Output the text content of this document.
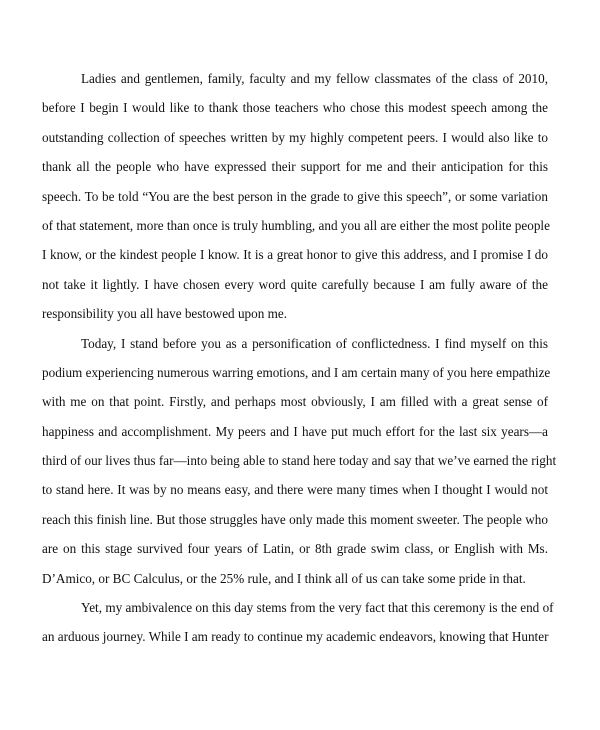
Ladies and gentlemen, family, faculty and my fellow classmates of the class of 2010,
before I begin I would like to thank those teachers who chose this modest speech among the
outstanding collection of speeches written by my highly competent peers. I would also like to
thank all the people who have expressed their support for me and their anticipation for this
speech. To be told “You are the best person in the grade to give this speech”, or some variation
of that statement, more than once is truly humbling, and you all are either the most polite people
I know, or the kindest people I know. It is a great honor to give this address, and I promise I do
not take it lightly. I have chosen every word quite carefully because I am fully aware of the
responsibility you all have bestowed upon me.

Today, I stand before you as a personification of conflictedness. I find myself on this
podium experiencing numerous warring emotions, and I am certain many of you here empathize
with me on that point. Firstly, and perhaps most obviously, I am filled with a great sense of
happiness and accomplishment. My peers and I have put much effort for the last six years—a
third of our lives thus far—into being able to stand here today and say that we’ve earned the right
to stand here. It was by no means easy, and there were many times when I thought I would not
reach this finish line. But those struggles have only made this moment sweeter. The people who
are on this stage survived four years of Latin, or 8th grade swim class, or English with Ms.
D’Amico, or BC Calculus, or the 25% rule, and I think all of us can take some pride in that.

Yet, my ambivalence on this day stems from the very fact that this ceremony is the end of
an arduous journey. While I am ready to continue my academic endeavors, knowing that Hunter
